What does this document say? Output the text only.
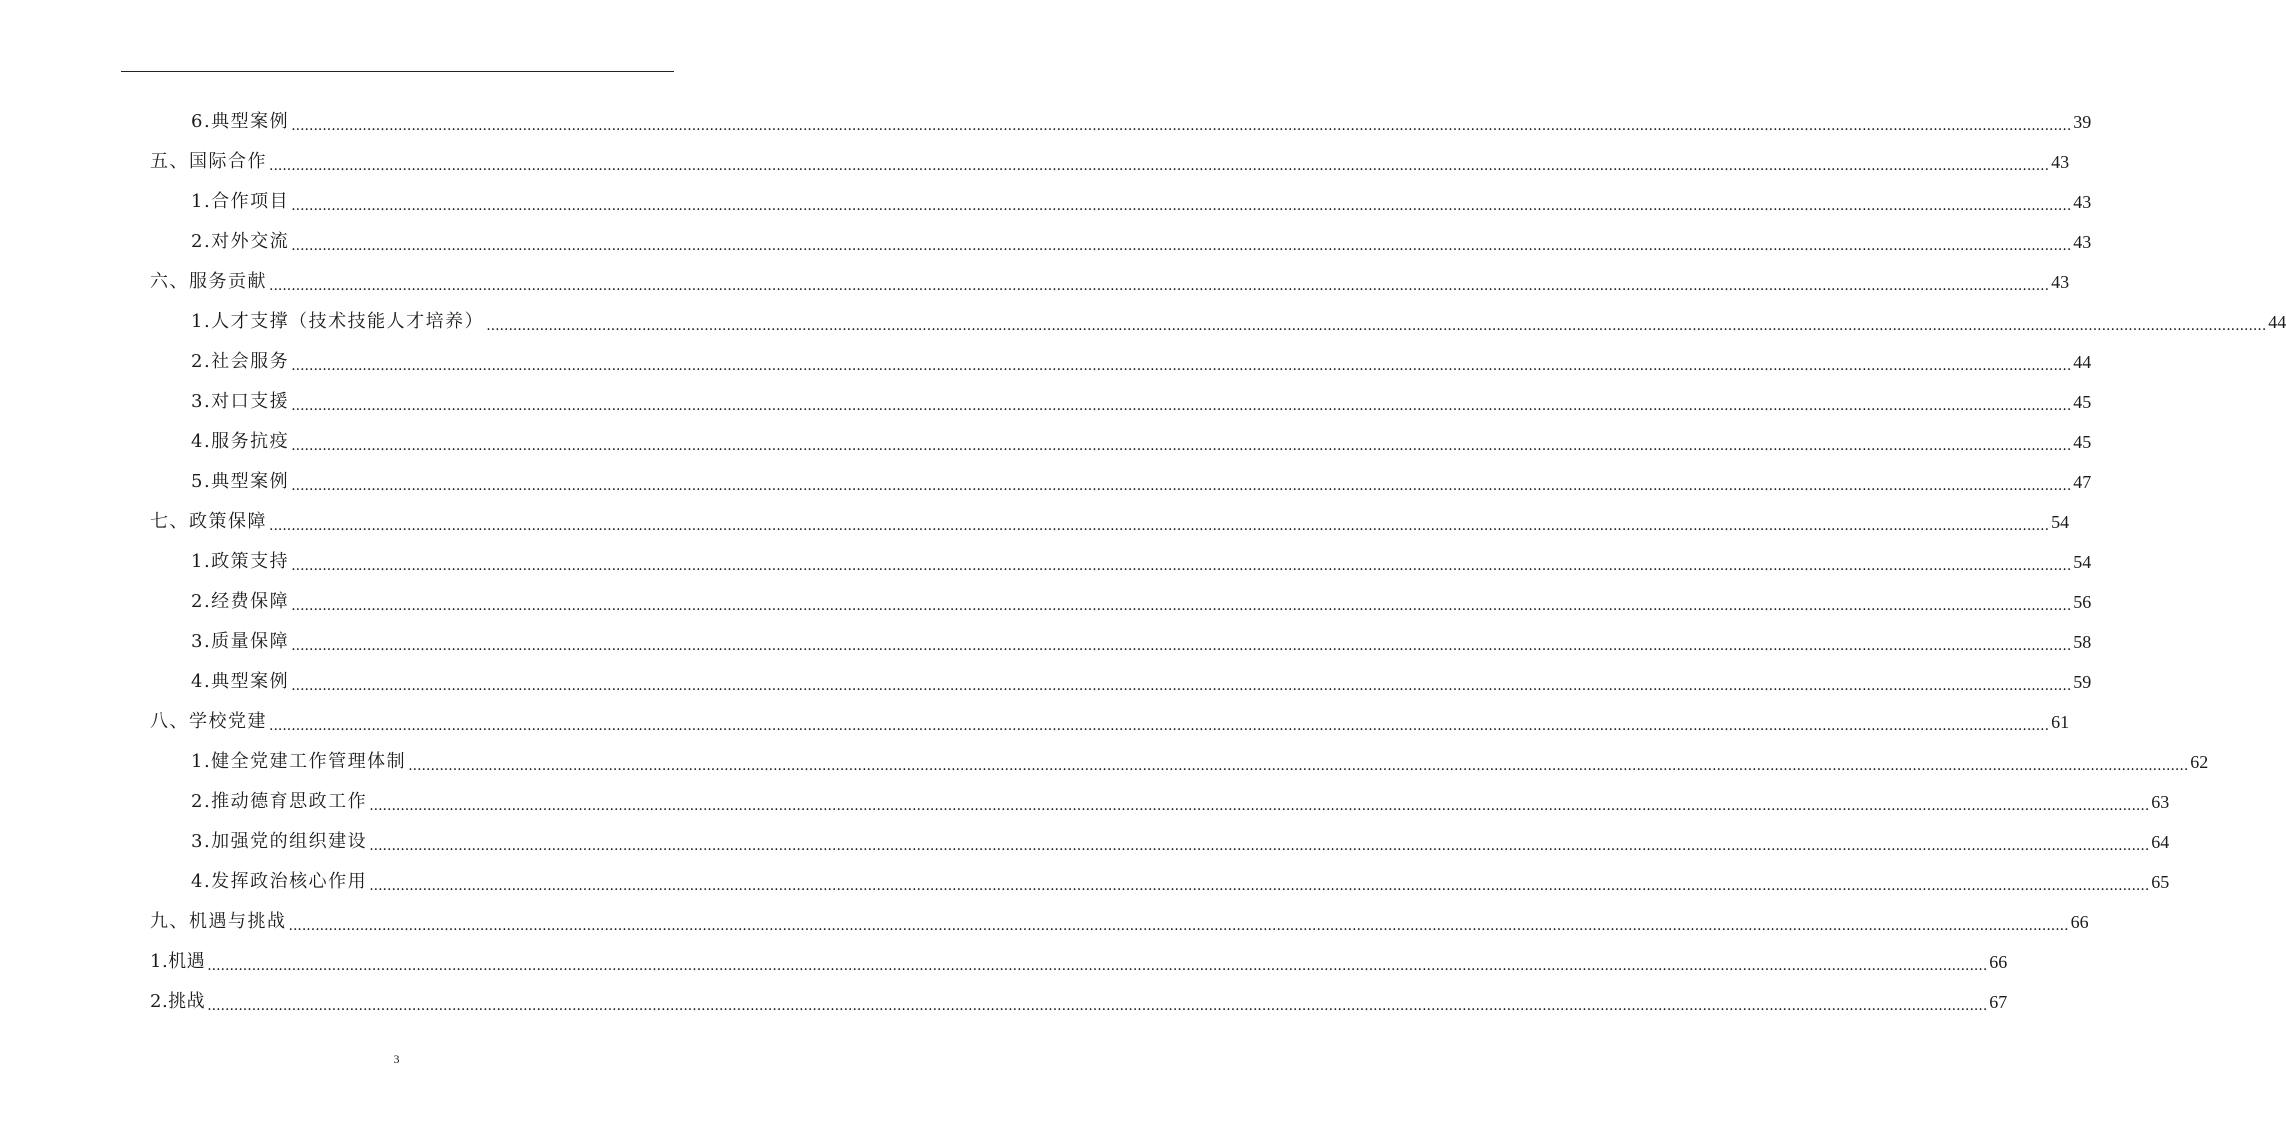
6.典型案例 ................................................................................................................................................................................................................................................................................................................................................................................................................ 39
五、国际合作 ................................................................................................................................................................................................................................................................................................................................................................................................................ 43
1.合作项目 ................................................................................................................................................................................................................................................................................................................................................................................................................ 43
2.对外交流 ................................................................................................................................................................................................................................................................................................................................................................................................................ 43
六、服务贡献 ................................................................................................................................................................................................................................................................................................................................................................................................................ 43
1.人才支撑（技术技能人才培养） ................................................................................................................................................................................................................................................................................................................................................................................................................ 44
2.社会服务 ................................................................................................................................................................................................................................................................................................................................................................................................................ 44
3.对口支援 ................................................................................................................................................................................................................................................................................................................................................................................................................ 45
4.服务抗疫 ................................................................................................................................................................................................................................................................................................................................................................................................................ 45
5.典型案例 ................................................................................................................................................................................................................................................................................................................................................................................................................ 47
七、政策保障 ................................................................................................................................................................................................................................................................................................................................................................................................................ 54
1.政策支持 ................................................................................................................................................................................................................................................................................................................................................................................................................ 54
2.经费保障 ................................................................................................................................................................................................................................................................................................................................................................................................................ 56
3.质量保障 ................................................................................................................................................................................................................................................................................................................................................................................................................ 58
4.典型案例 ................................................................................................................................................................................................................................................................................................................................................................................................................ 59
八、学校党建 ................................................................................................................................................................................................................................................................................................................................................................................................................ 61
1.健全党建工作管理体制 ................................................................................................................................................................................................................................................................................................................................................................................................................ 62
2.推动德育思政工作 ................................................................................................................................................................................................................................................................................................................................................................................................................ 63
3.加强党的组织建设 ................................................................................................................................................................................................................................................................................................................................................................................................................ 64
4.发挥政治核心作用 ................................................................................................................................................................................................................................................................................................................................................................................................................ 65
九、机遇与挑战 ................................................................................................................................................................................................................................................................................................................................................................................................................ 66
1.机遇 ................................................................................................................................................................................................................................................................................................................................................................................................................ 66
2.挑战 ................................................................................................................................................................................................................................................................................................................................................................................................................ 67
3
